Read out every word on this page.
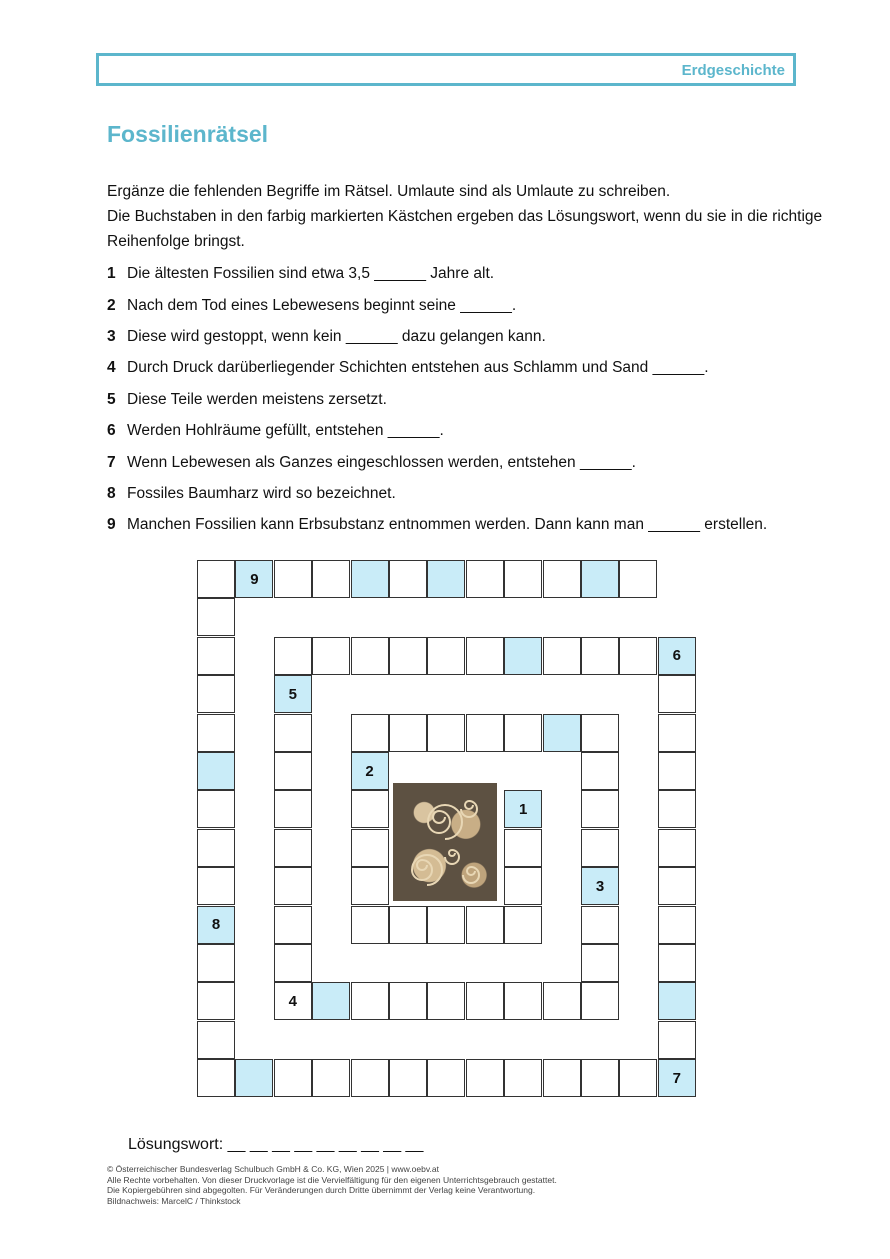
Erdgeschichte
Fossilienrätsel
Ergänze die fehlenden Begriffe im Rätsel. Umlaute sind als Umlaute zu schreiben.
Die Buchstaben in den farbig markierten Kästchen ergeben das Lösungswort, wenn du sie in die richtige Reihenfolge bringst.
1 Die ältesten Fossilien sind etwa 3,5 ______ Jahre alt.
2 Nach dem Tod eines Lebewesens beginnt seine ______.
3 Diese wird gestoppt, wenn kein ______ dazu gelangen kann.
4 Durch Druck darüberliegender Schichten entstehen aus Schlamm und Sand ______.
5 Diese Teile werden meistens zersetzt.
6 Werden Hohlräume gefüllt, entstehen ______.
7 Wenn Lebewesen als Ganzes eingeschlossen werden, entstehen ______.
8 Fossiles Baumharz wird so bezeichnet.
9 Manchen Fossilien kann Erbsubstanz entnommen werden. Dann kann man ______ erstellen.
9
8
7
6
5
4
3
2
1
Lösungswort: __ __ __ __ __ __ __ __ __
© Österreichischer Bundesverlag Schulbuch GmbH & Co. KG, Wien 2025 | www.oebv.at
Alle Rechte vorbehalten. Von dieser Druckvorlage ist die Vervielfältigung für den eigenen Unterrichtsgebrauch gestattet.
Die Kopiergebühren sind abgegolten. Für Veränderungen durch Dritte übernimmt der Verlag keine Verantwortung.
Bildnachweis: MarcelC / Thinkstock
